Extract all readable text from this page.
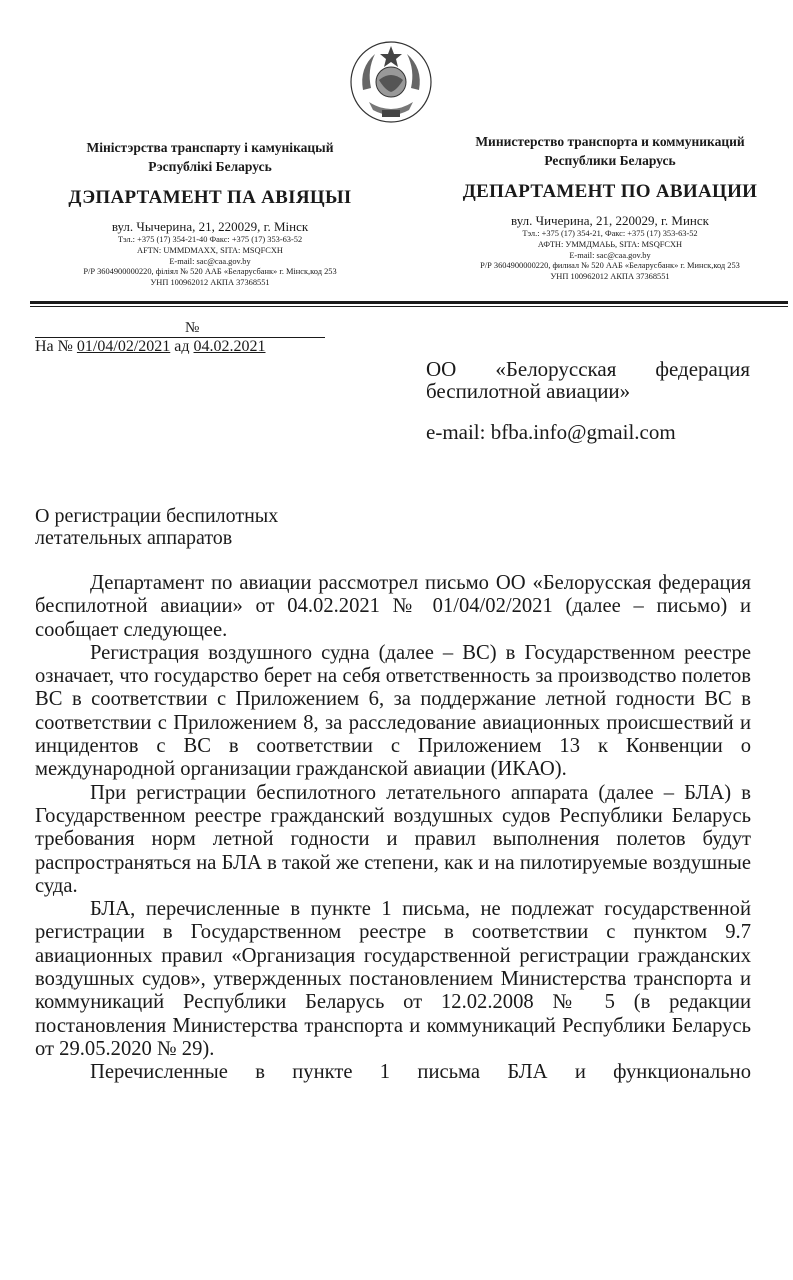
Міністэрства транспарту і камунікацый
Рэспублікі Беларусь
ДЭПАРТАМЕНТ ПА АВІЯЦЫІ
вул. Чычерина, 21, 220029, г. Мінск
Тэл.: +375 (17) 354-21-40 Факс: +375 (17) 353-63-52
AFTN: UMMDMAXX, SITA: MSQFCXH
E-mail: sac@caa.gov.by
Р/Р 3604900000220, філіял № 520 ААБ «Беларусбанк» г. Мінск,код 253
УНП 100962012 АКПА 37368551
Министерство транспорта и коммуникаций
Республики Беларусь
ДЕПАРТАМЕНТ ПО АВИАЦИИ
вул. Чичерина, 21, 220029, г. Минск
Тэл.: +375 (17) 354-21, Факс: +375 (17) 353-63-52
АФТН: УММДМАЬЬ, SITA: MSQFCXH
E-mail: sac@caa.gov.by
Р/Р 3604900000220, филиал № 520 ААБ «Беларусбанк» г. Минск,код 253
УНП 100962012 АКПА 37368551
№
На № 01/04/02/2021 ад 04.02.2021
ОО «Белорусская федерация
беспилотной авиации»
e-mail: bfba.info@gmail.com
О регистрации беспилотных
летательных аппаратов

Департамент по авиации рассмотрел письмо ОО «Белорусская федерация беспилотной авиации» от 04.02.2021 № 01/04/02/2021 (далее – письмо) и сообщает следующее.

Регистрация воздушного судна (далее – ВС) в Государственном реестре означает, что государство берет на себя ответственность за производство полетов ВС в соответствии с Приложением 6, за поддержание летной годности ВС в соответствии с Приложением 8, за расследование авиационных происшествий и инцидентов с ВС в соответствии с Приложением 13 к Конвенции о международной организации гражданской авиации (ИКАО).

При регистрации беспилотного летательного аппарата (далее – БЛА) в Государственном реестре гражданский воздушных судов Республики Беларусь требования норм летной годности и правил выполнения полетов будут распространяться на БЛА в такой же степени, как и на пилотируемые воздушные суда.

БЛА, перечисленные в пункте 1 письма, не подлежат государственной регистрации в Государственном реестре в соответствии с пунктом 9.7 авиационных правил «Организация государственной регистрации гражданских воздушных судов», утвержденных постановлением Министерства транспорта и коммуникаций Республики Беларусь от 12.02.2008 № 5 (в редакции постановления Министерства транспорта и коммуникаций Республики Беларусь от 29.05.2020 № 29).

Перечисленные в пункте 1 письма БЛА и функционально
